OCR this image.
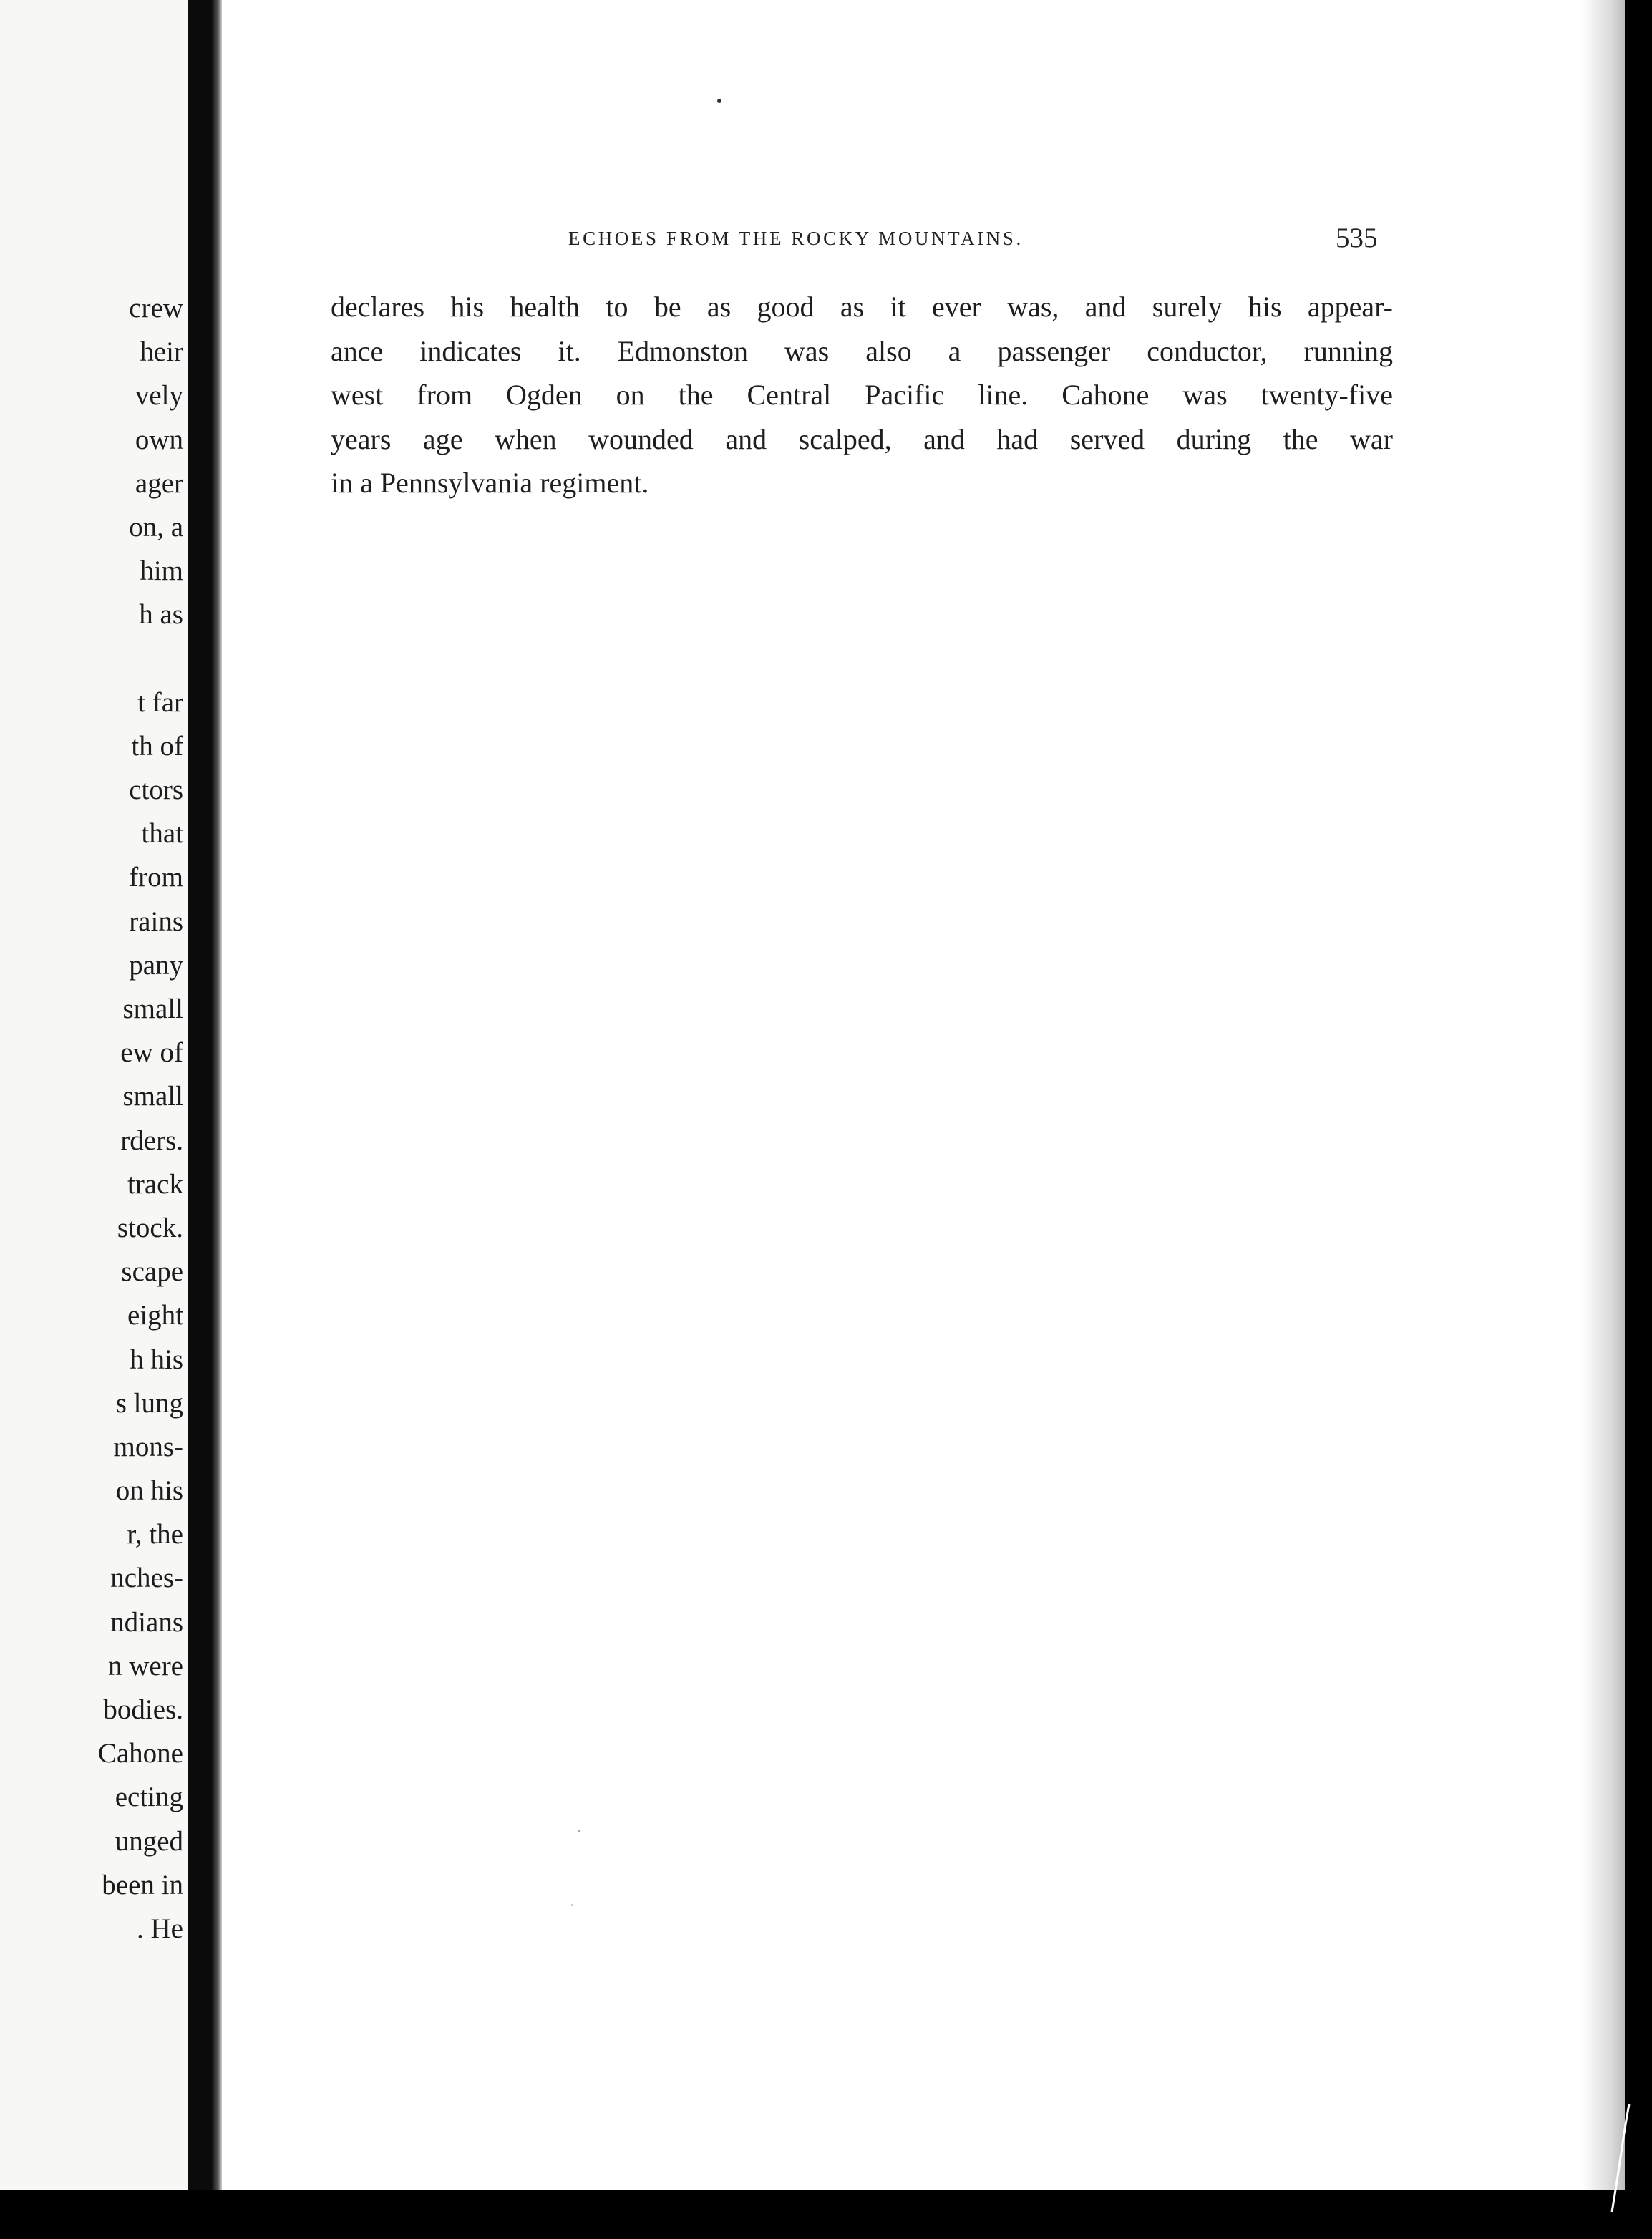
crew
heir
vely
own
ager
on, a
him
h as
t far
th of
ctors
that
from
rains
pany
small
ew of
small
rders.
track
stock.
scape
eight
h his
s lung
mons-
on his
r, the
nches-
ndians
n were
bodies.
Cahone
ecting
unged
been in
. He
ECHOES FROM THE ROCKY MOUNTAINS.	535
declares his health to be as good as it ever was, and surely his appear-
ance indicates it. Edmonston was also a passenger conductor, running
west from Ogden on the Central Pacific line. Cahone was twenty-five
years age when wounded and scalped, and had served during the war
in a Pennsylvania regiment.
